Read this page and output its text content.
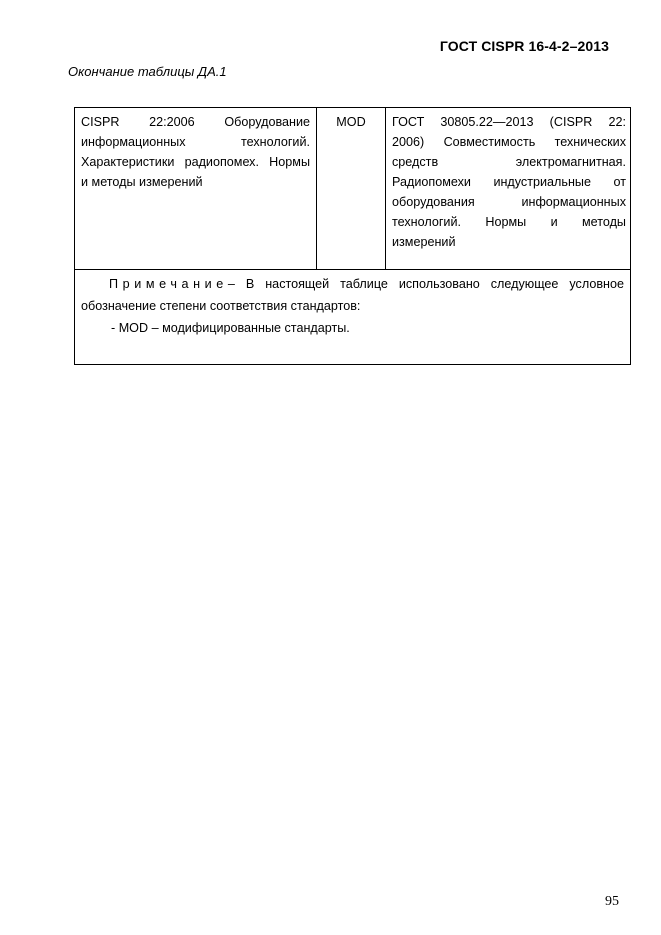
ГОСТ CISPR 16-4-2–2013
Окончание таблицы ДА.1
CISPR 22:2006 Оборудование
информационных технологий.
Характеристики радиопомех. Нормы
и методы измерений
MOD	ГОСТ 30805.22—2013 (CISPR 22:
2006) Совместимость технических
средств электромагнитная.
Радиопомехи индустриальные от
оборудования информационных
технологий. Нормы и методы
измерений
Примечание– В настоящей таблице использовано следующее условное
обозначение степени соответствия стандартов:
- MOD – модифицированные стандарты.
95
